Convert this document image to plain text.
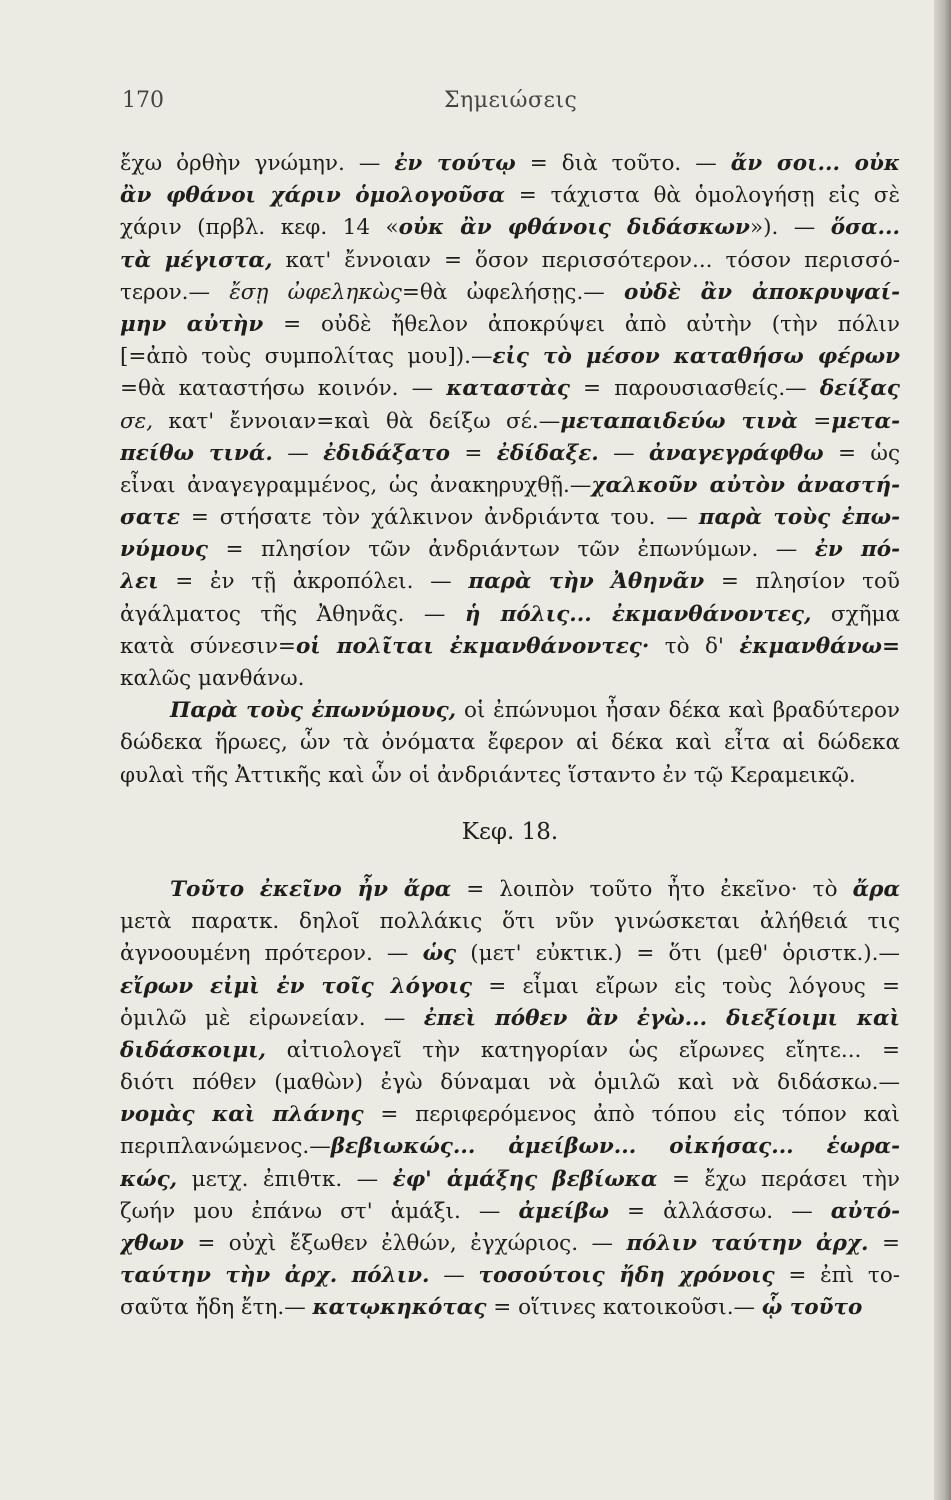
170	Σημειώσεις
ἔχω ὀρθὴν γνώμην. — ἐν τούτῳ = διὰ τοῦτο. — ἄν σοι... οὐκ
ἂν φθάνοι χάριν ὁμολογοῦσα = τάχιστα θὰ ὁμολογήσῃ εἰς σὲ
χάριν (πρβλ. κεφ. 14 «οὐκ ἂν φθάνοις διδάσκων»). — ὅσα...
τὰ μέγιστα, κατ' ἔννοιαν = ὅσον περισσότερον... τόσον περισσό-
τερον.— ἔσῃ ὠφεληκὼς=θὰ ὠφελήσῃς.— οὐδὲ ἂν ἀποκρυψαί-
μην αὐτὴν = οὐδὲ ἤθελον ἀποκρύψει ἀπὸ αὐτὴν (τὴν πόλιν
[=ἀπὸ τοὺς συμπολίτας μου]).—εἰς τὸ μέσον καταθήσω φέρων
=θὰ καταστήσω κοινόν. — καταστὰς = παρουσιασθείς.— δείξας
σε, κατ' ἔννοιαν=καὶ θὰ δείξω σέ.—μεταπαιδεύω τινὰ =μετα-
πείθω τινά. — ἐδιδάξατο = ἐδίδαξε. — ἀναγεγράφθω = ὡς
εἶναι ἀναγεγραμμένος, ὡς ἀνακηρυχθῇ.—χαλκοῦν αὐτὸν ἀναστή-
σατε = στήσατε τὸν χάλκινον ἀνδριάντα του. — παρὰ τοὺς ἐπω-
νύμους = πλησίον τῶν ἀνδριάντων τῶν ἐπωνύμων. — ἐν πό-
λει = ἐν τῇ ἀκροπόλει. — παρὰ τὴν Ἀθηνᾶν = πλησίον τοῦ
ἀγάλματος τῆς Ἀθηνᾶς. — ἡ πόλις... ἐκμανθάνοντες, σχῆμα
κατὰ σύνεσιν=οἱ πολῖται ἐκμανθάνοντες· τὸ δ' ἐκμανθάνω=
καλῶς μανθάνω.
Παρὰ τοὺς ἐπωνύμους, οἱ ἐπώνυμοι ἦσαν δέκα καὶ βραδύτερον
δώδεκα ἥρωες, ὧν τὰ ὀνόματα ἔφερον αἱ δέκα καὶ εἶτα αἱ δώδεκα
φυλαὶ τῆς Ἀττικῆς καὶ ὧν οἱ ἀνδριάντες ἵσταντο ἐν τῷ Κεραμεικῷ.
Κεφ. 18.
Τοῦτο ἐκεῖνο ἦν ἄρα = λοιπὸν τοῦτο ἦτο ἐκεῖνο· τὸ ἄρα
μετὰ παρατκ. δηλοῖ πολλάκις ὅτι νῦν γινώσκεται ἀλήθειά τις
ἀγνοουμένη πρότερον. — ὡς (μετ' εὐκτικ.) = ὅτι (μεθ' ὁριστκ.).—
εἴρων εἰμὶ ἐν τοῖς λόγοις = εἶμαι εἴρων εἰς τοὺς λόγους =
ὁμιλῶ μὲ εἰρωνείαν. — ἐπεὶ πόθεν ἂν ἐγὼ... διεξίοιμι καὶ
διδάσκοιμι, αἰτιολογεῖ τὴν κατηγορίαν ὡς εἴρωνες εἴητε... =
διότι πόθεν (μαθὼν) ἐγὼ δύναμαι νὰ ὁμιλῶ καὶ νὰ διδάσκω.—
νομὰς καὶ πλάνης = περιφερόμενος ἀπὸ τόπου εἰς τόπον καὶ
περιπλανώμενος.—βεβιωκώς... ἀμείβων... οἰκήσας... ἑωρα-
κώς, μετχ. ἐπιθτκ. — ἐφ' ἁμάξης βεβίωκα = ἔχω περάσει τὴν
ζωήν μου ἐπάνω στ' ἁμάξι. — ἀμείβω = ἀλλάσσω. — αὐτό-
χθων = οὐχὶ ἔξωθεν ἐλθών, ἐγχώριος. — πόλιν ταύτην ἀρχ. =
ταύτην τὴν ἀρχ. πόλιν. — τοσούτοις ἤδη χρόνοις = ἐπὶ το-
σαῦτα ἤδη ἔτη.— κατῳκηκότας = οἵτινες κατοικοῦσι.— ᾧ τοῦτο
